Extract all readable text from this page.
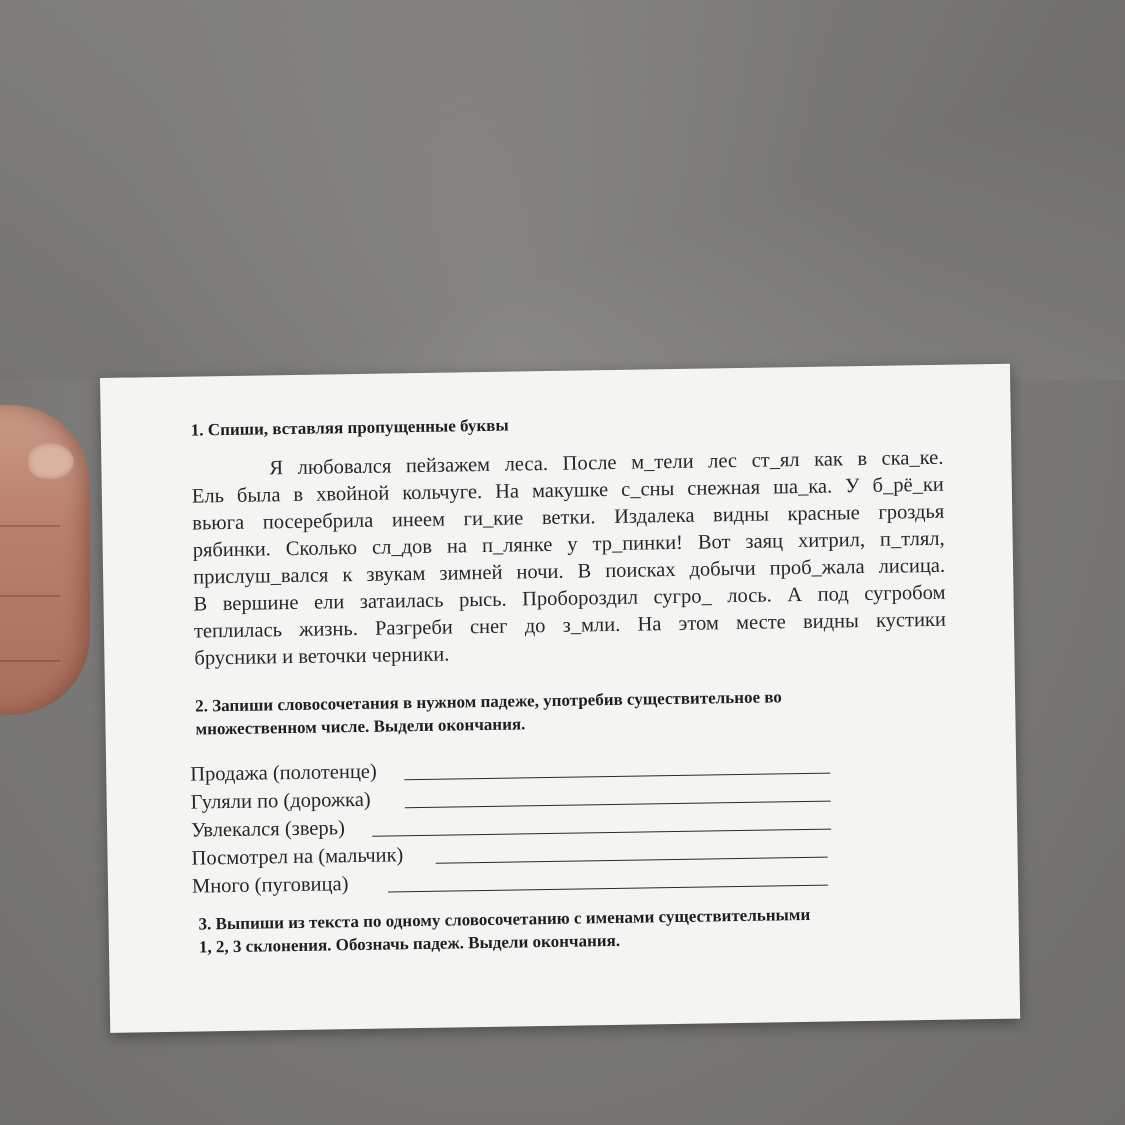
1. Спиши, вставляя пропущенные буквы
Я любовался пейзажем леса. После м_тели лес ст_ял как в ска_ке.
Ель была в хвойной кольчуге. На макушке с_сны снежная ша_ка. У б_рё_ки
вьюга посеребрила инеем ги_кие ветки. Издалека видны красные гроздья
рябинки. Сколько сл_дов на п_лянке у тр_пинки! Вот заяц хитрил, п_тлял,
прислуш_вался к звукам зимней ночи. В поисках добычи проб_жала лисица.
В вершине ели затаилась рысь. Пробороздил сугро_ лось. А под сугробом
теплилась жизнь. Разгреби снег до з_мли. На этом месте видны кустики
брусники и веточки черники.
2. Запиши словосочетания в нужном падеже, употребив существительное во
множественном числе. Выдели окончания.
Продажа (полотенце)
Гуляли по (дорожка)
Увлекался (зверь)
Посмотрел на (мальчик)
Много (пуговица)
3. Выпиши из текста по одному словосочетанию с именами существительными
1, 2, 3 склонения. Обозначь падеж. Выдели окончания.
